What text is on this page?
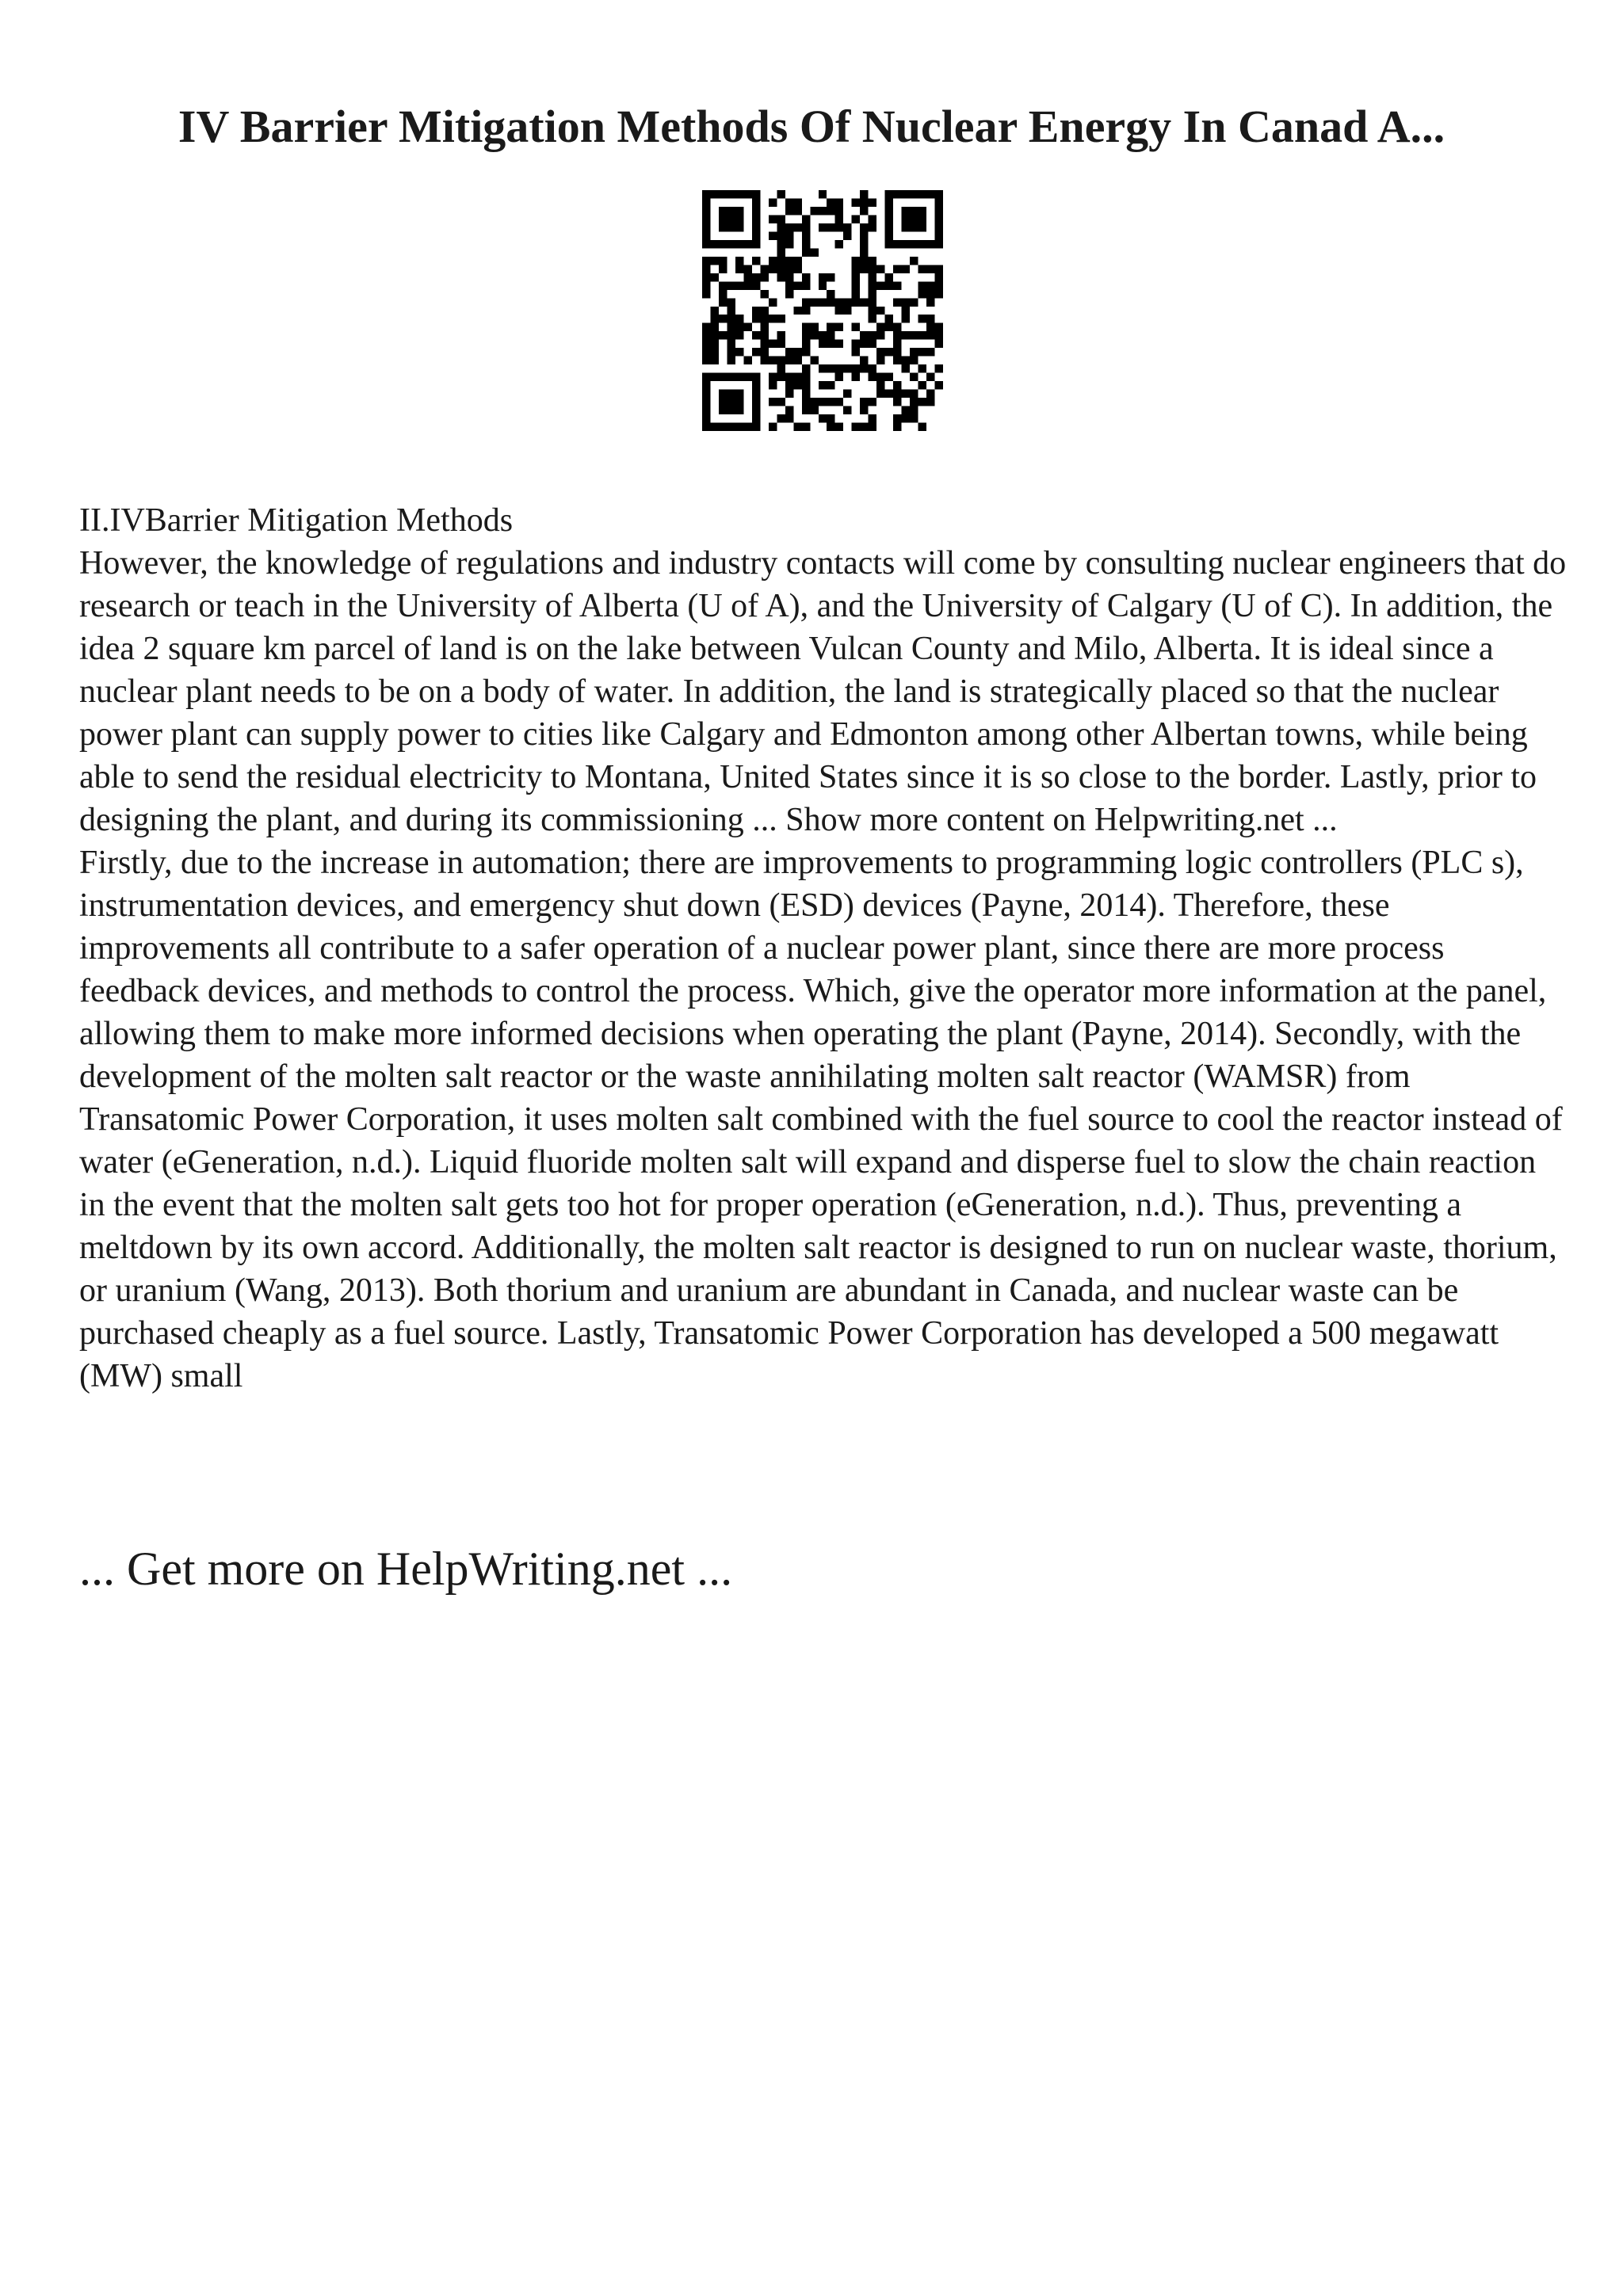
IV Barrier Mitigation Methods Of Nuclear Energy In Canad A...

II.IVBarrier Mitigation Methods

However, the knowledge of regulations and industry contacts will come by consulting nuclear engineers that do research or teach in the University of Alberta (U of A), and the University of Calgary (U of C). In addition, the idea 2 square km parcel of land is on the lake between Vulcan County and Milo, Alberta. It is ideal since a nuclear plant needs to be on a body of water. In addition, the land is strategically placed so that the nuclear power plant can supply power to cities like Calgary and Edmonton among other Albertan towns, while being able to send the residual electricity to Montana, United States since it is so close to the border. Lastly, prior to designing the plant, and during its commissioning ... Show more content on Helpwriting.net ...

Firstly, due to the increase in automation; there are improvements to programming logic controllers (PLC s), instrumentation devices, and emergency shut down (ESD) devices (Payne, 2014). Therefore, these improvements all contribute to a safer operation of a nuclear power plant, since there are more process feedback devices, and methods to control the process. Which, give the operator more information at the panel, allowing them to make more informed decisions when operating the plant (Payne, 2014). Secondly, with the development of the molten salt reactor or the waste annihilating molten salt reactor (WAMSR) from Transatomic Power Corporation, it uses molten salt combined with the fuel source to cool the reactor instead of water (eGeneration, n.d.). Liquid fluoride molten salt will expand and disperse fuel to slow the chain reaction in the event that the molten salt gets too hot for proper operation (eGeneration, n.d.). Thus, preventing a meltdown by its own accord. Additionally, the molten salt reactor is designed to run on nuclear waste, thorium, or uranium (Wang, 2013). Both thorium and uranium are abundant in Canada, and nuclear waste can be purchased cheaply as a fuel source. Lastly, Transatomic Power Corporation has developed a 500 megawatt (MW) small

... Get more on HelpWriting.net ...
